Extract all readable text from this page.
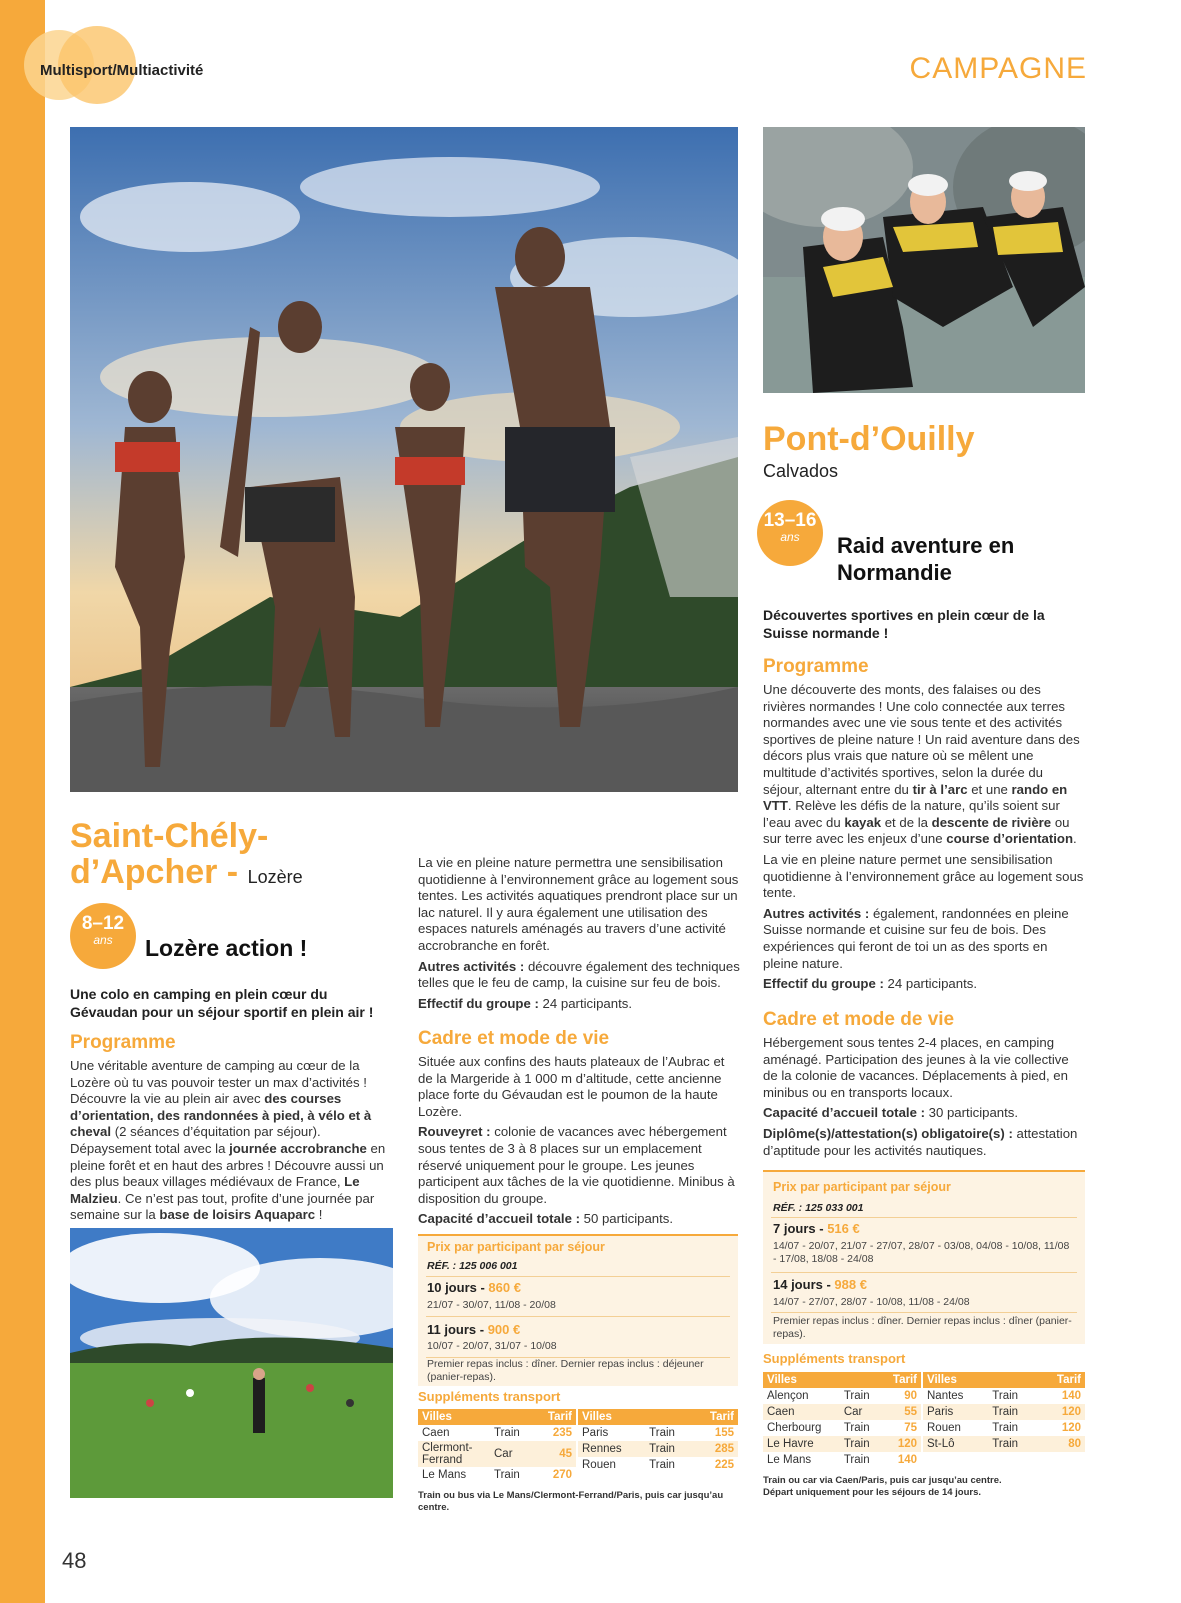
Multisport/Multiactivité	CAMPAGNE
48
Saint-Chély-
d’Apcher - Lozère
8–12
ans	Lozère action !
Une colo en camping en plein cœur du Gévaudan pour un séjour sportif en plein air !
Programme
Une véritable aventure de camping au cœur de la Lozère où tu vas pouvoir tester un max d’activités ! Découvre la vie au plein air avec des courses d’orientation, des randonnées à pied, à vélo et à cheval (2 séances d’équitation par séjour). Dépaysement total avec la journée accrobranche en pleine forêt et en haut des arbres ! Découvre aussi un des plus beaux villages médiévaux de France, Le Malzieu. Ce n’est pas tout, profite d’une journée par semaine sur la base de loisirs Aquaparc !

La vie en pleine nature permettra une sensibilisation quotidienne à l’environnement grâce au logement sous tentes. Les activités aquatiques prendront place sur un lac naturel. Il y aura également une utilisation des espaces naturels aménagés au travers d’une activité accrobranche en forêt.

Autres activités : découvre également des techniques telles que le feu de camp, la cuisine sur feu de bois.

Effectif du groupe : 24 participants.

Cadre et mode de vie

Située aux confins des hauts plateaux de l’Aubrac et de la Margeride à 1 000 m d’altitude, cette ancienne place forte du Gévaudan est le poumon de la haute Lozère.

Rouveyret : colonie de vacances avec hébergement sous tentes de 3 à 8 places sur un emplacement réservé uniquement pour le groupe. Les jeunes participent aux tâches de la vie quotidienne. Minibus à disposition du groupe.

Capacité d’accueil totale : 50 participants.

Prix par participant par séjour
RÉF. : 125 006 001
10 jours - 860 €
21/07 - 30/07, 11/08 - 20/08
11 jours - 900 €
10/07 - 20/07, 31/07 - 10/08
Premier repas inclus : dîner. Dernier repas inclus : déjeuner (panier-repas).
Suppléments transport
Villes		Tarif
Caen	Train	235
Clermont-Ferrand	Car	45
Le Mans	Train	270
Villes		Tarif
Paris	Train	155
Rennes	Train	285
Rouen	Train	225
Train ou bus via Le Mans/Clermont-Ferrand/Paris, puis car jusqu’au centre.
Pont-d’Ouilly
Calvados
13–16
ans	Raid aventure en
Normandie
Découvertes sportives en plein cœur de la Suisse normande !
Programme

Une découverte des monts, des falaises ou des rivières normandes ! Une colo connectée aux terres normandes avec une vie sous tente et des activités sportives de pleine nature ! Un raid aventure dans des décors plus vrais que nature où se mêlent une multitude d’activités sportives, selon la durée du séjour, alternant entre du tir à l’arc et une rando en VTT. Relève les défis de la nature, qu’ils soient sur l’eau avec du kayak et de la descente de rivière ou sur terre avec les enjeux d’une course d’orientation.

La vie en pleine nature permet une sensibilisation quotidienne à l’environnement grâce au logement sous tente.

Autres activités : également, randonnées en pleine Suisse normande et cuisine sur feu de bois. Des expériences qui feront de toi un as des sports en pleine nature.

Effectif du groupe : 24 participants.

Cadre et mode de vie

Hébergement sous tentes 2-4 places, en camping aménagé. Participation des jeunes à la vie collective de la colonie de vacances. Déplacements à pied, en minibus ou en transports locaux.

Capacité d’accueil totale : 30 participants.

Diplôme(s)/attestation(s) obligatoire(s) : attestation d’aptitude pour les activités nautiques.

Prix par participant par séjour
RÉF. : 125 033 001
7 jours - 516 €
14/07 - 20/07, 21/07 - 27/07, 28/07 - 03/08, 04/08 - 10/08, 11/08 - 17/08, 18/08 - 24/08
14 jours - 988 €
14/07 - 27/07, 28/07 - 10/08, 11/08 - 24/08
Premier repas inclus : dîner. Dernier repas inclus : dîner (panier-repas).
Suppléments transport
Villes		Tarif
Alençon	Train	90
Caen	Car	55
Cherbourg	Train	75
Le Havre	Train	120
Le Mans	Train	140
Villes		Tarif
Nantes	Train	140
Paris	Train	120
Rouen	Train	120
St-Lô	Train	80
Train ou car via Caen/Paris, puis car jusqu’au centre.
Départ uniquement pour les séjours de 14 jours.
